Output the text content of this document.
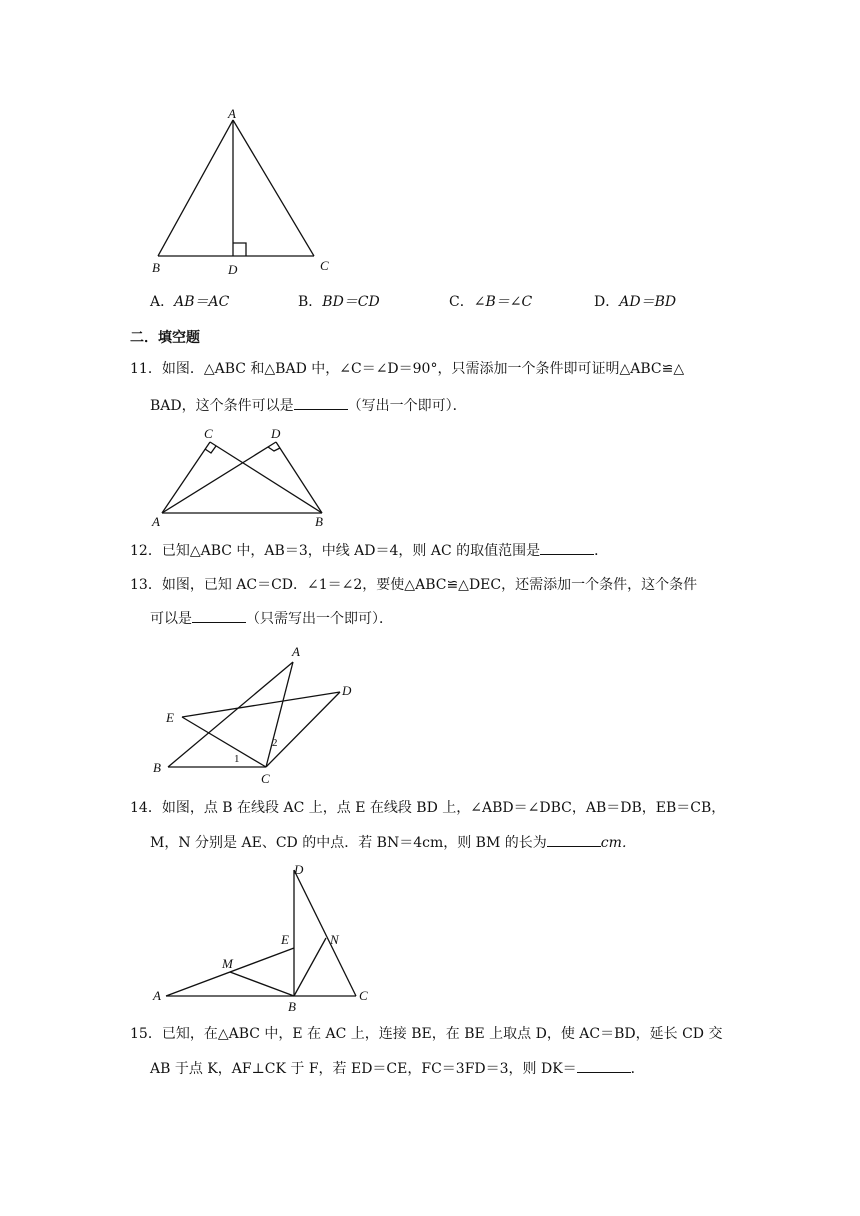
A
B	D	C
A．AB＝AC	B．BD＝CD	C．∠B＝∠C	D．AD＝BD
二．填空题
11．如图．△ABC 和△BAD 中，∠C＝∠D＝90°，只需添加一个条件即可证明△ABC≌△
BAD，这个条件可以是	（写出一个即可）．
C	D
A	B
12．已知△ABC 中，AB＝3，中线 AD＝4，则 AC 的取值范围是	．
13．如图，已知 AC＝CD．∠1＝∠2，要使△ABC≌△DEC，还需添加一个条件，这个条件
可以是	（只需写出一个即可）．
A
D
E
B
C
1
2
14．如图，点 B 在线段 AC 上，点 E 在线段 BD 上，∠ABD＝∠DBC，AB＝DB，EB＝CB，
M，N 分别是 AE、CD 的中点．若 BN＝4cm，则 BM 的长为	cm．
D
E	N
M
A
B
C
15．已知，在△ABC 中，E 在 AC 上，连接 BE，在 BE 上取点 D，使 AC＝BD，延长 CD 交
AB 于点 K，AF⊥CK 于 F，若 ED＝CE，FC＝3FD＝3，则 DK＝	．
